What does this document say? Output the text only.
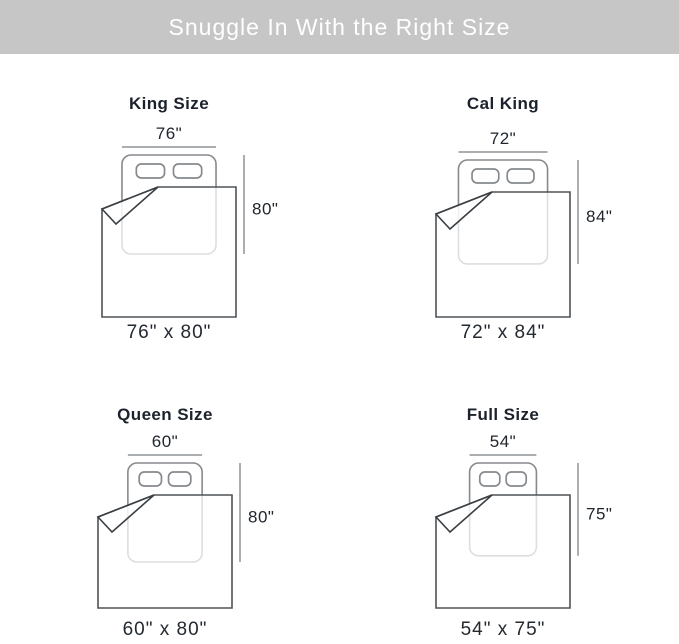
Snuggle In With the Right Size
King Size
76"
80"
76" x 80"
Cal King
72"
84"
72" x 84"
Queen Size
60"
80"
60" x 80"
Full Size
54"
75"
54" x 75"
